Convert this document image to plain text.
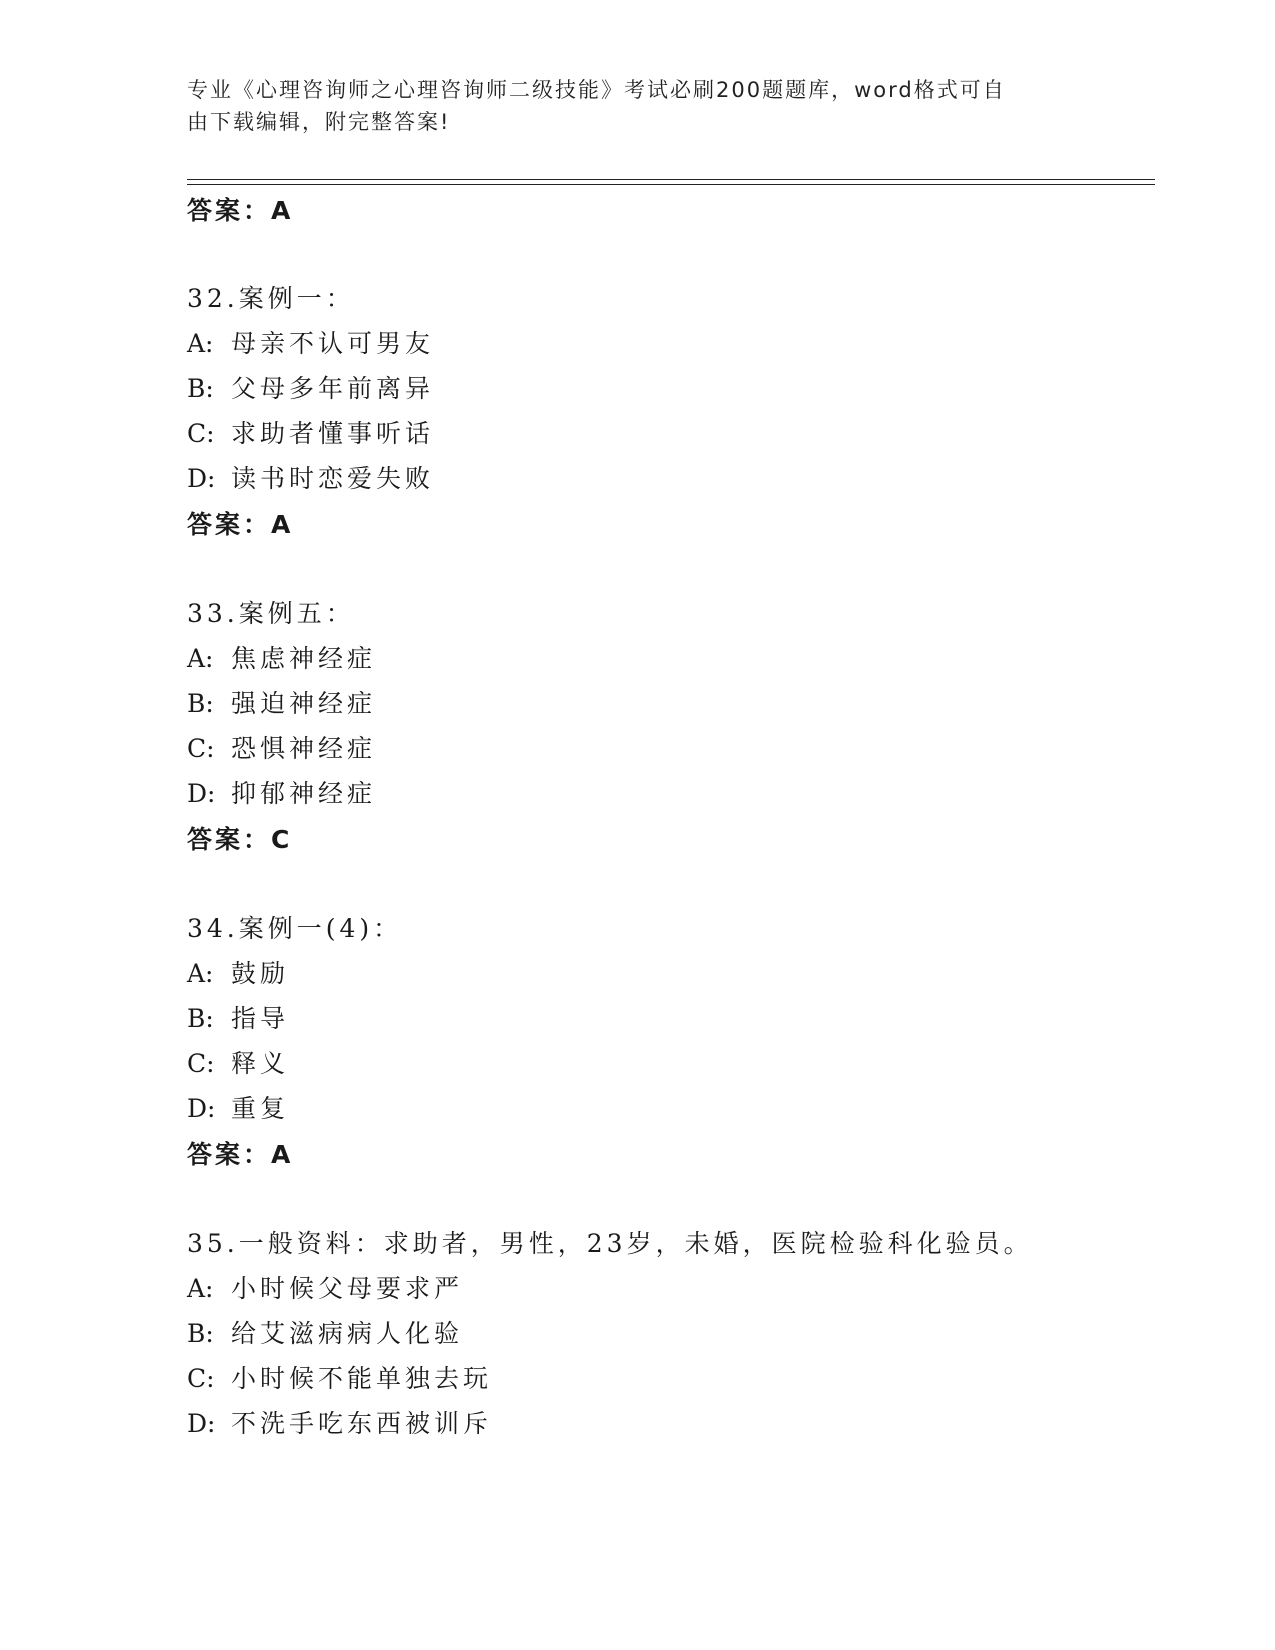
专业《心理咨询师之心理咨询师二级技能》考试必刷200题题库，word格式可自
由下载编辑，附完整答案!
答案：A
32.案例一：
A: 母亲不认可男友
B: 父母多年前离异
C: 求助者懂事听话
D: 读书时恋爱失败
答案：A
33.案例五：
A: 焦虑神经症
B: 强迫神经症
C: 恐惧神经症
D: 抑郁神经症
答案：C
34.案例一(4)：
A: 鼓励
B: 指导
C: 释义
D: 重复
答案：A
35.一般资料：求助者，男性，23岁，未婚，医院检验科化验员。
A: 小时候父母要求严
B: 给艾滋病病人化验
C: 小时候不能单独去玩
D: 不洗手吃东西被训斥
